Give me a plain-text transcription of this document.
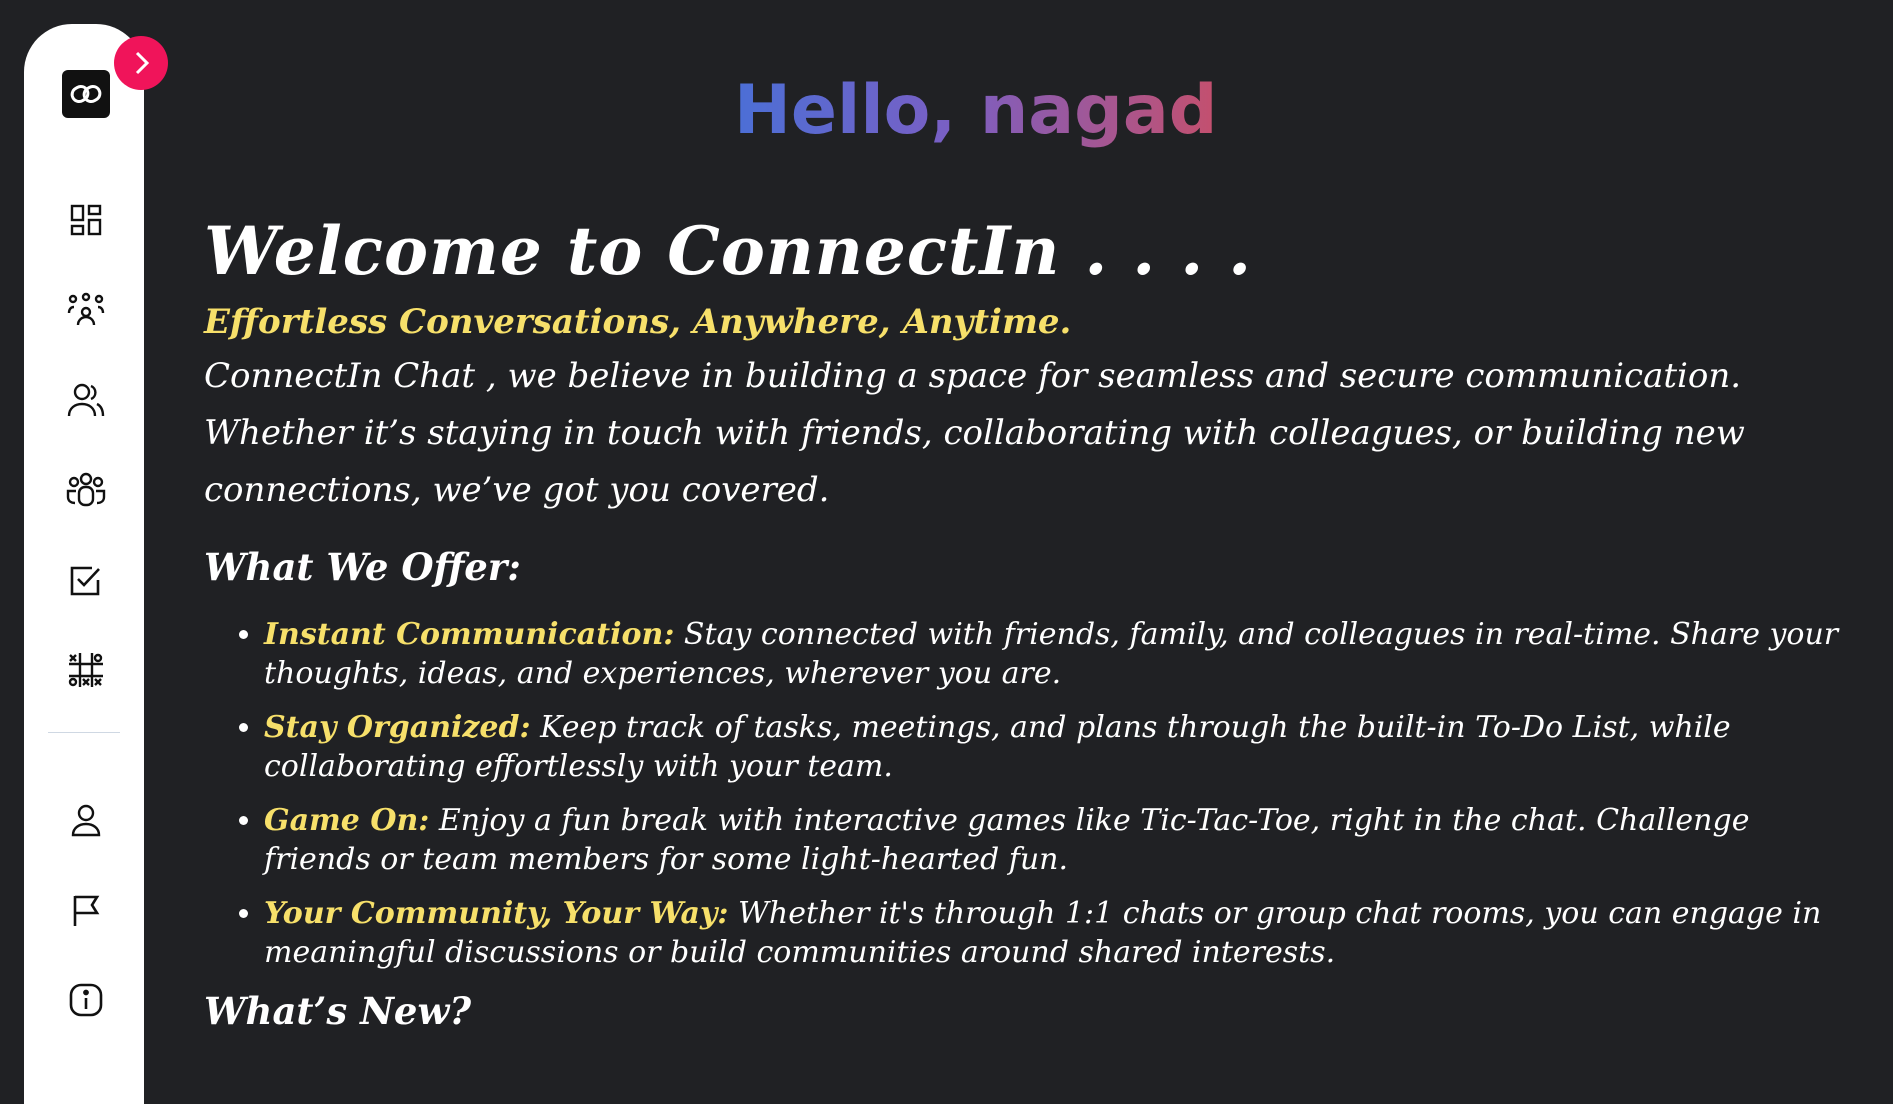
Hello, nagad
Welcome to ConnectIn . . . .

Effortless Conversations, Anywhere, Anytime.

ConnectIn Chat , we believe in building a space for seamless and secure communication. Whether it’s staying in touch with friends, collaborating with colleagues, or building new connections, we’ve got you covered.

What We Offer:
• Instant Communication: Stay connected with friends, family, and colleagues in real-time. Share your thoughts, ideas, and experiences, wherever you are.
• Stay Organized: Keep track of tasks, meetings, and plans through the built-in To-Do List, while collaborating effortlessly with your team.
• Game On: Enjoy a fun break with interactive games like Tic-Tac-Toe, right in the chat. Challenge friends or team members for some light-hearted fun.
• Your Community, Your Way: Whether it's through 1:1 chats or group chat rooms, you can engage in meaningful discussions or build communities around shared interests.
What’s New?
